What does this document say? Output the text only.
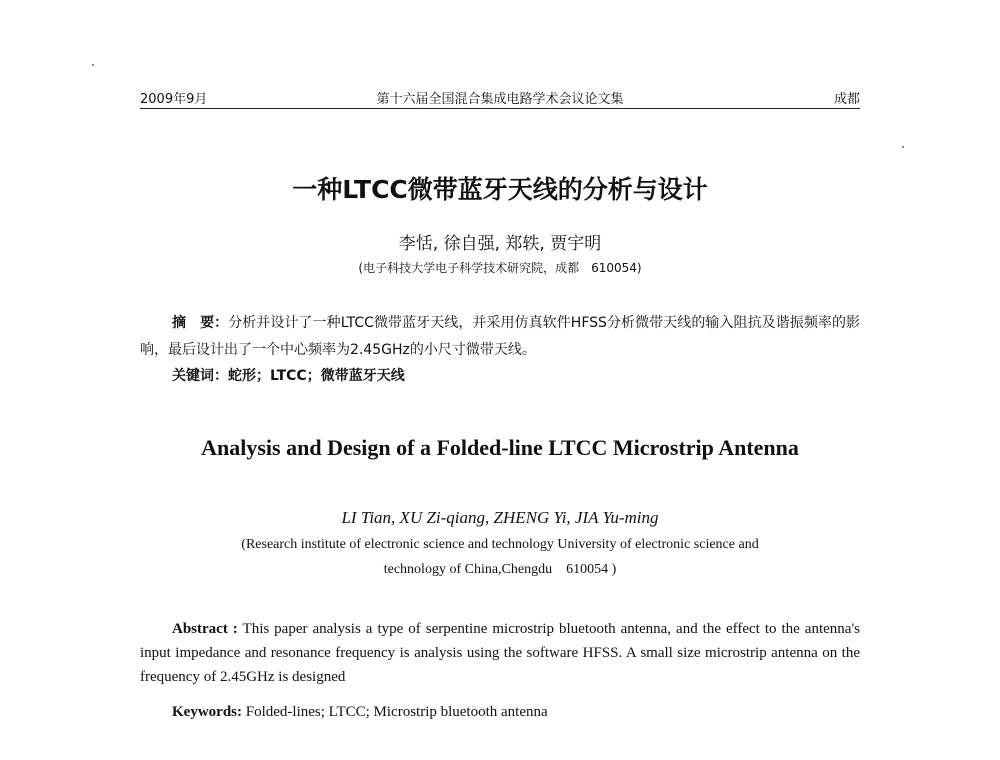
2009年9月	第十六届全国混合集成电路学术会议论文集	成都
一种LTCC微带蓝牙天线的分析与设计
李恬, 徐自强, 郑轶, 贾宇明
(电子科技大学电子科学技术研究院，成都　610054)
摘　要：分析并设计了一种LTCC微带蓝牙天线，并采用仿真软件HFSS分析微带天线的输入阻抗及谐振频率的影响，最后设计出了一个中心频率为2.45GHz的小尺寸微带天线。
关键词：蛇形；LTCC；微带蓝牙天线
Analysis and Design of a Folded-line LTCC Microstrip Antenna
LI Tian, XU Zi-qiang, ZHENG Yi, JIA Yu-ming
(Research institute of electronic science and technology University of electronic science and
technology of China,Chengdu　610054 )
Abstract : This paper analysis a type of serpentine microstrip bluetooth antenna, and the effect to the antenna's input impedance and resonance frequency is analysis using the software HFSS. A small size microstrip antenna on the frequency of 2.45GHz is designed
Keywords: Folded-lines; LTCC; Microstrip bluetooth antenna
